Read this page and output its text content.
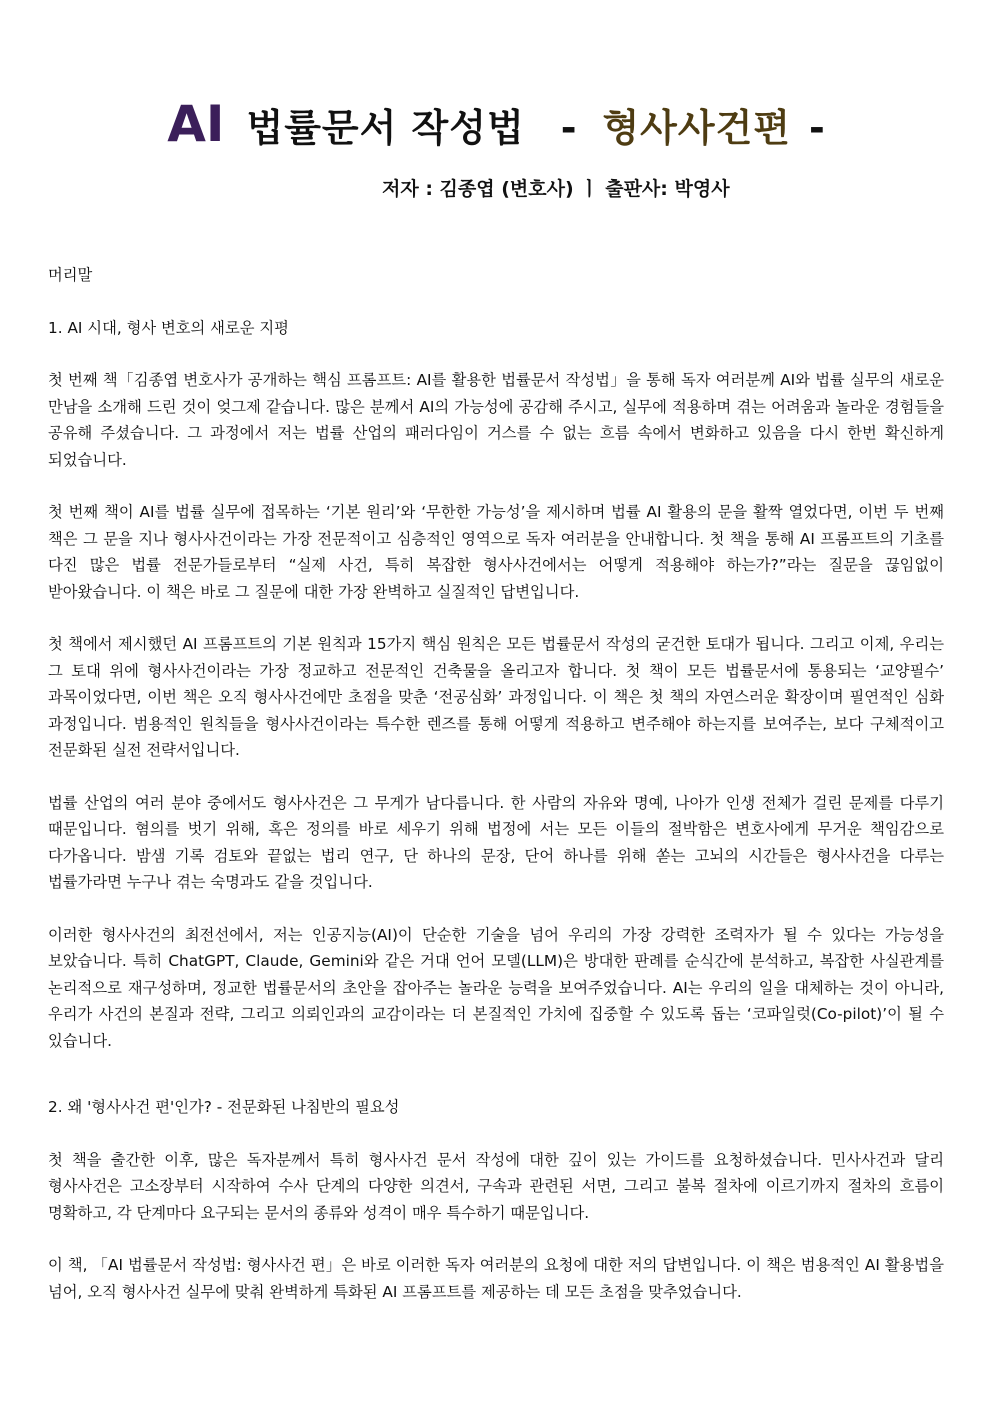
AI 법률문서 작성법 - 형사사건편 -
저자 : 김종엽 (변호사) ㅣ 출판사: 박영사

머리말

1. AI 시대, 형사 변호의 새로운 지평

첫 번째 책「김종엽 변호사가 공개하는 핵심 프롬프트: AI를 활용한 법률문서 작성법」을 통해 독자 여러분께 AI와 법률 실무의 새로운 만남을 소개해 드린 것이 엊그제 같습니다. 많은 분께서 AI의 가능성에 공감해 주시고, 실무에 적용하며 겪는 어려움과 놀라운 경험들을 공유해 주셨습니다. 그 과정에서 저는 법률 산업의 패러다임이 거스를 수 없는 흐름 속에서 변화하고 있음을 다시 한번 확신하게 되었습니다.

첫 번째 책이 AI를 법률 실무에 접목하는 ‘기본 원리’와 ‘무한한 가능성’을 제시하며 법률 AI 활용의 문을 활짝 열었다면, 이번 두 번째 책은 그 문을 지나 형사사건이라는 가장 전문적이고 심층적인 영역으로 독자 여러분을 안내합니다. 첫 책을 통해 AI 프롬프트의 기초를 다진 많은 법률 전문가들로부터 “실제 사건, 특히 복잡한 형사사건에서는 어떻게 적용해야 하는가?”라는 질문을 끊임없이 받아왔습니다. 이 책은 바로 그 질문에 대한 가장 완벽하고 실질적인 답변입니다.

첫 책에서 제시했던 AI 프롬프트의 기본 원칙과 15가지 핵심 원칙은 모든 법률문서 작성의 굳건한 토대가 됩니다. 그리고 이제, 우리는 그 토대 위에 형사사건이라는 가장 정교하고 전문적인 건축물을 올리고자 합니다. 첫 책이 모든 법률문서에 통용되는 ‘교양필수’ 과목이었다면, 이번 책은 오직 형사사건에만 초점을 맞춘 ‘전공심화’ 과정입니다. 이 책은 첫 책의 자연스러운 확장이며 필연적인 심화 과정입니다. 범용적인 원칙들을 형사사건이라는 특수한 렌즈를 통해 어떻게 적용하고 변주해야 하는지를 보여주는, 보다 구체적이고 전문화된 실전 전략서입니다.

법률 산업의 여러 분야 중에서도 형사사건은 그 무게가 남다릅니다. 한 사람의 자유와 명예, 나아가 인생 전체가 걸린 문제를 다루기 때문입니다. 혐의를 벗기 위해, 혹은 정의를 바로 세우기 위해 법정에 서는 모든 이들의 절박함은 변호사에게 무거운 책임감으로 다가옵니다. 밤샘 기록 검토와 끝없는 법리 연구, 단 하나의 문장, 단어 하나를 위해 쏟는 고뇌의 시간들은 형사사건을 다루는 법률가라면 누구나 겪는 숙명과도 같을 것입니다.

이러한 형사사건의 최전선에서, 저는 인공지능(AI)이 단순한 기술을 넘어 우리의 가장 강력한 조력자가 될 수 있다는 가능성을 보았습니다. 특히 ChatGPT, Claude, Gemini와 같은 거대 언어 모델(LLM)은 방대한 판례를 순식간에 분석하고, 복잡한 사실관계를 논리적으로 재구성하며, 정교한 법률문서의 초안을 잡아주는 놀라운 능력을 보여주었습니다. AI는 우리의 일을 대체하는 것이 아니라, 우리가 사건의 본질과 전략, 그리고 의뢰인과의 교감이라는 더 본질적인 가치에 집중할 수 있도록 돕는 ‘코파일럿(Co-pilot)’이 될 수 있습니다.

2. 왜 '형사사건 편'인가? - 전문화된 나침반의 필요성

첫 책을 출간한 이후, 많은 독자분께서 특히 형사사건 문서 작성에 대한 깊이 있는 가이드를 요청하셨습니다. 민사사건과 달리 형사사건은 고소장부터 시작하여 수사 단계의 다양한 의견서, 구속과 관련된 서면, 그리고 불복 절차에 이르기까지 절차의 흐름이 명확하고, 각 단계마다 요구되는 문서의 종류와 성격이 매우 특수하기 때문입니다.

이 책, 「AI 법률문서 작성법: 형사사건 편」은 바로 이러한 독자 여러분의 요청에 대한 저의 답변입니다. 이 책은 범용적인 AI 활용법을 넘어, 오직 형사사건 실무에 맞춰 완벽하게 특화된 AI 프롬프트를 제공하는 데 모든 초점을 맞추었습니다.
